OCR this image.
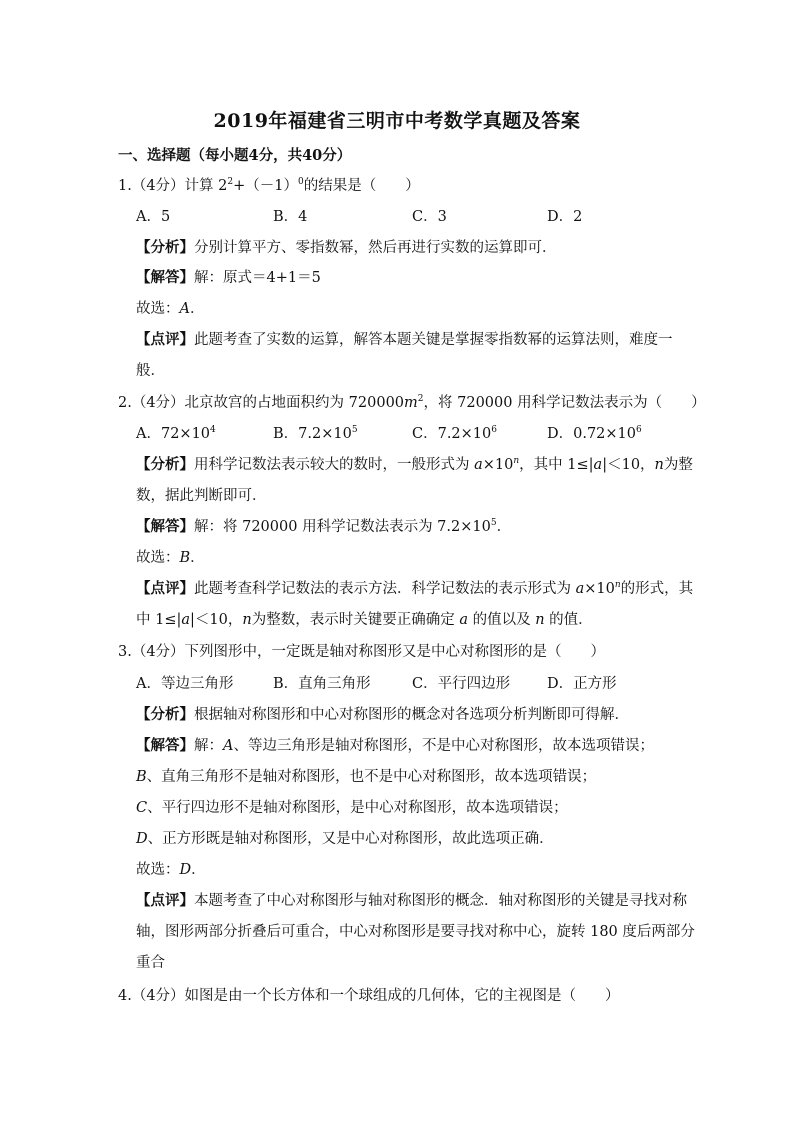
2019年福建省三明市中考数学真题及答案
一、选择题（每小题4分，共40分）
1.（4分）计算 $2^2+(-1)^0$的结果是（　　）
A．5	B．4	C．3	D．2
【分析】分别计算平方、零指数幂，然后再进行实数的运算即可．
【解答】解：原式＝4+1＝5
故选：A．
【点评】此题考查了实数的运算，解答本题关键是掌握零指数幂的运算法则，难度一
般．
2.（4分）北京故宫的占地面积约为 $720000m^2$，将 720000 用科学记数法表示为（　　）
A．$72\times 10^4$	B．$7.2\times 10^5$	C．$7.2\times 10^6$	D．$0.72\times 10^6$
【分析】用科学记数法表示较大的数时，一般形式为 $a\times 10^n$，其中 1≤|a|＜10，n为整
数，据此判断即可．
【解答】解：将 720000 用科学记数法表示为 $7.2\times 10^5$．
故选：B．
【点评】此题考查科学记数法的表示方法．科学记数法的表示形式为 $a\times 10^n$的形式，其
中 1≤|a|＜10，n为整数，表示时关键要正确确定 a 的值以及 n 的值．
3.（4分）下列图形中，一定既是轴对称图形又是中心对称图形的是（　　）
A．等边三角形	B．直角三角形	C．平行四边形	D．正方形
【分析】根据轴对称图形和中心对称图形的概念对各选项分析判断即可得解．
【解答】解：A、等边三角形是轴对称图形，不是中心对称图形，故本选项错误；
B、直角三角形不是轴对称图形，也不是中心对称图形，故本选项错误；
C、平行四边形不是轴对称图形，是中心对称图形，故本选项错误；
D、正方形既是轴对称图形，又是中心对称图形，故此选项正确．
故选：D．
【点评】本题考查了中心对称图形与轴对称图形的概念．轴对称图形的关键是寻找对称
轴，图形两部分折叠后可重合，中心对称图形是要寻找对称中心，旋转 180 度后两部分
重合
4.（4分）如图是由一个长方体和一个球组成的几何体，它的主视图是（　　）
